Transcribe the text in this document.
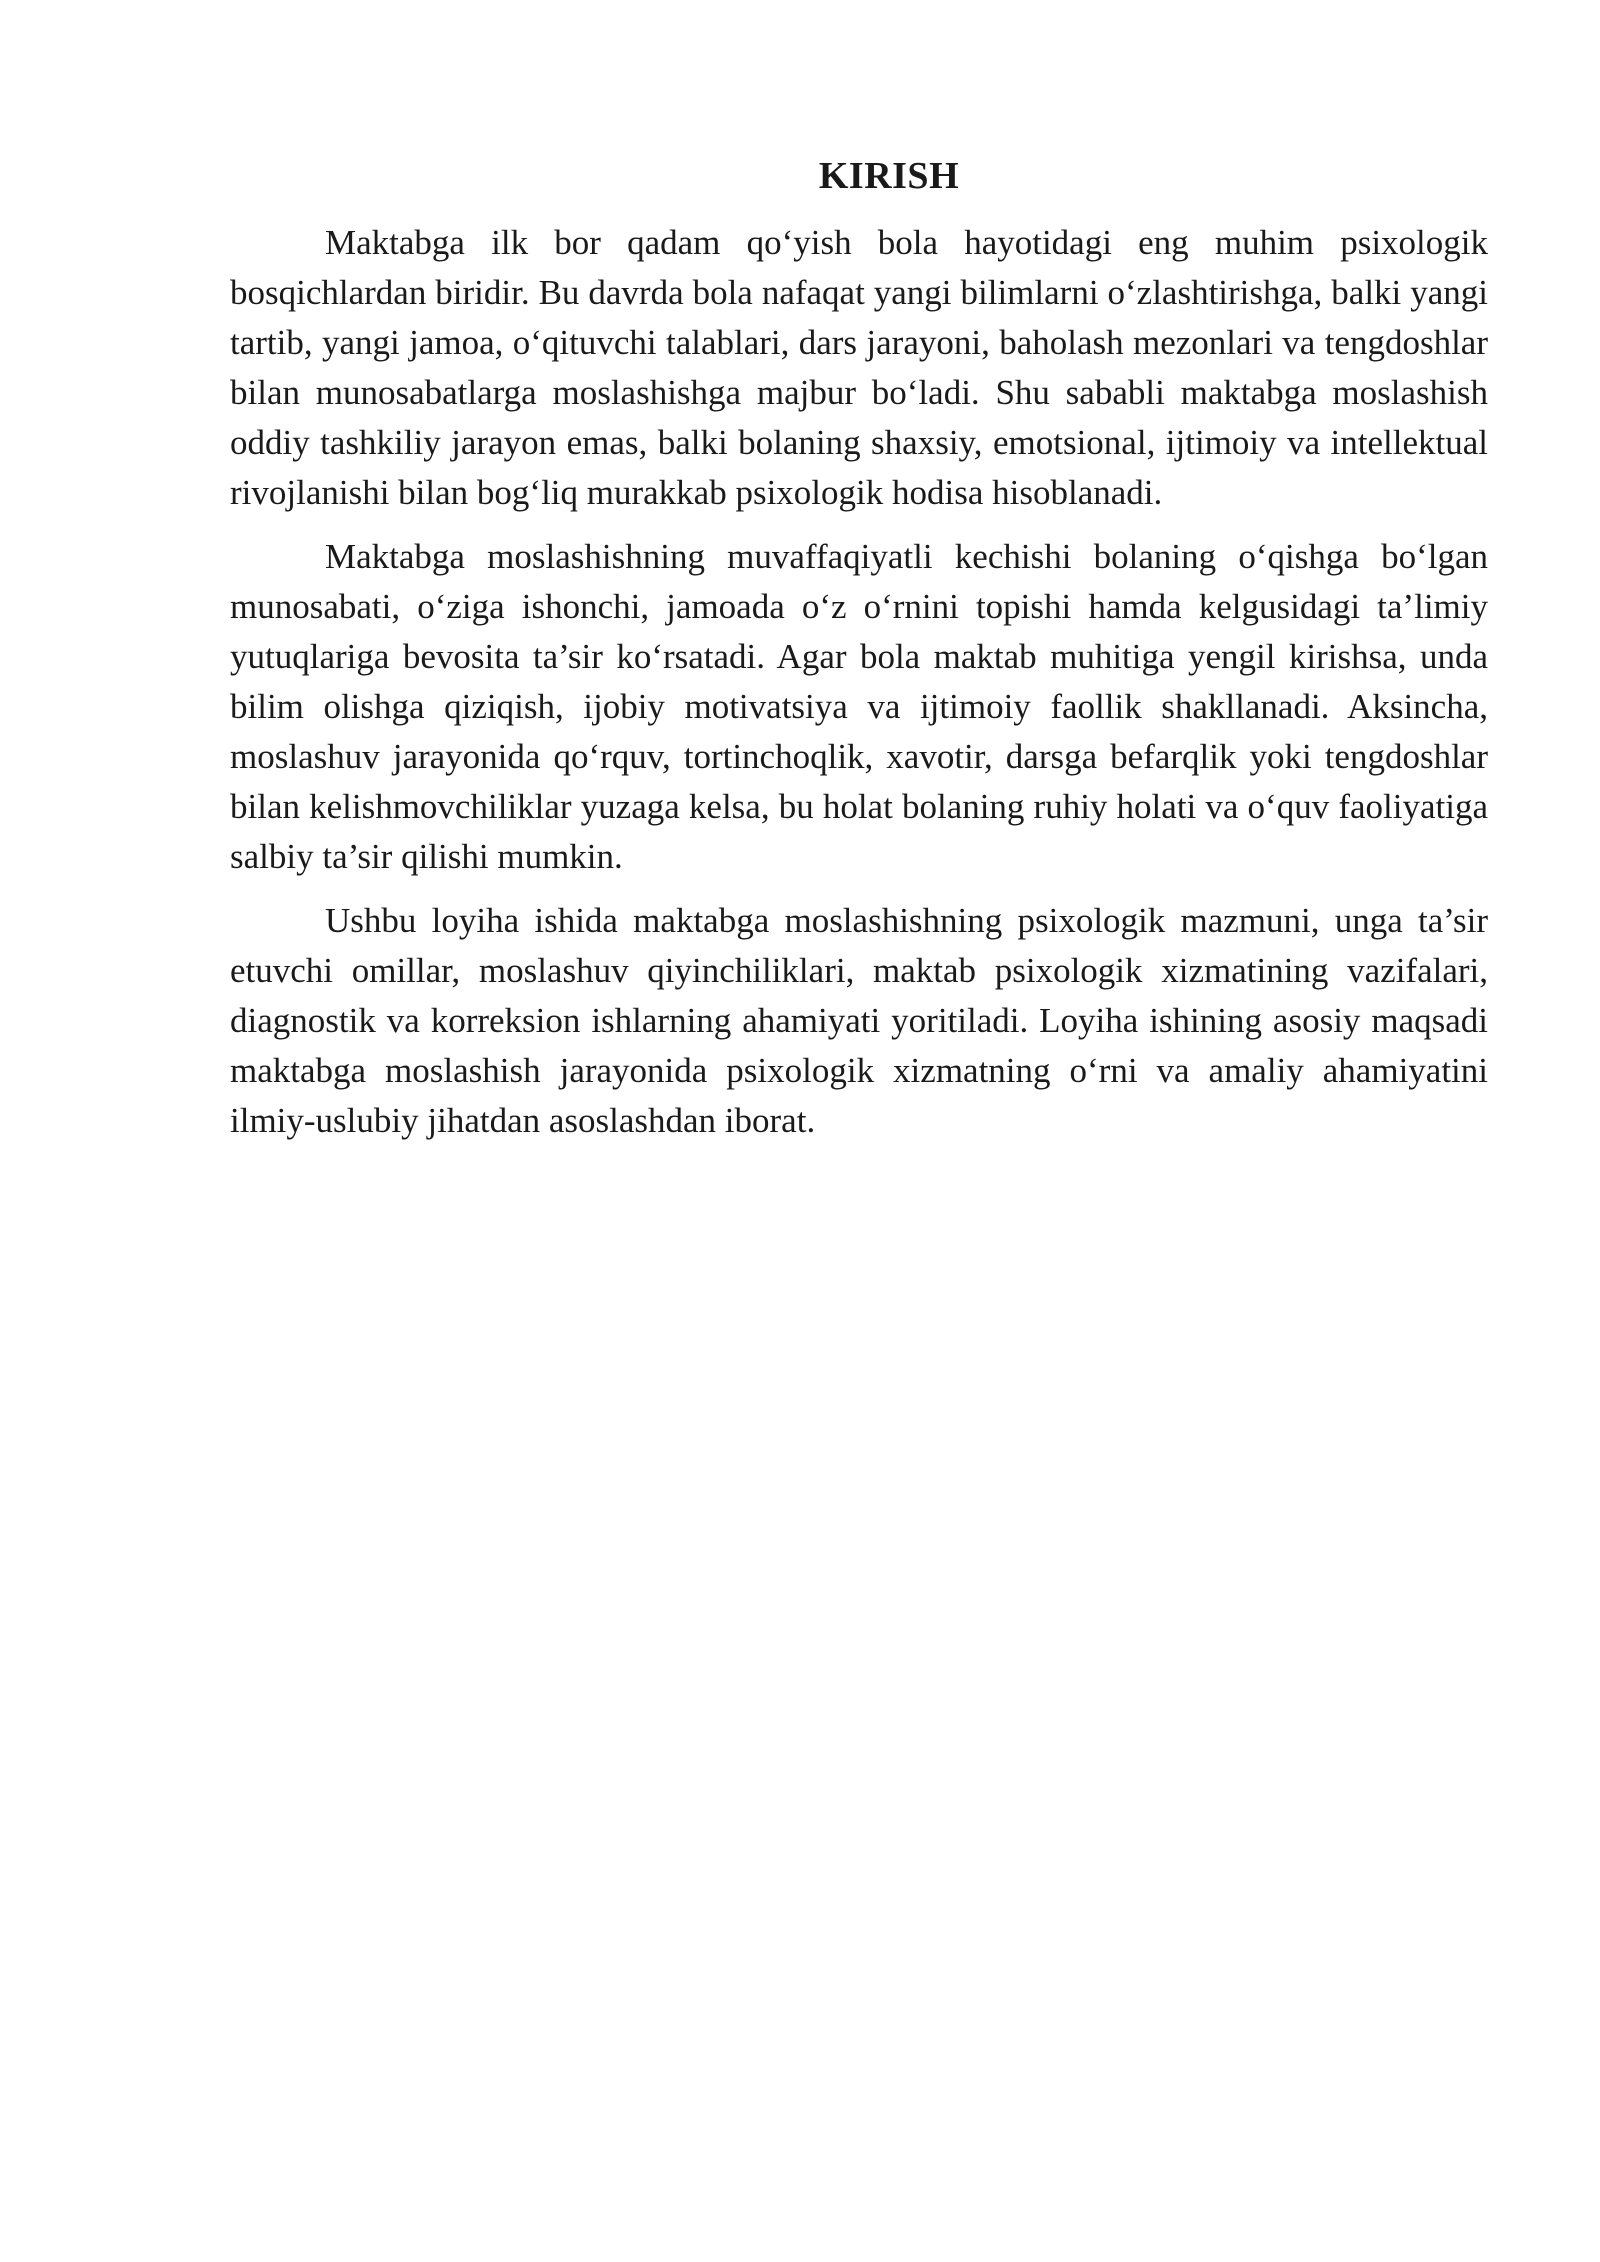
KIRISH

Maktabga ilk bor qadam qo‘yish bola hayotidagi eng muhim psixologik bosqichlardan biridir. Bu davrda bola nafaqat yangi bilimlarni o‘zlashtirishga, balki yangi tartib, yangi jamoa, o‘qituvchi talablari, dars jarayoni, baholash mezonlari va tengdoshlar bilan munosabatlarga moslashishga majbur bo‘ladi. Shu sababli maktabga moslashish oddiy tashkiliy jarayon emas, balki bolaning shaxsiy, emotsional, ijtimoiy va intellektual rivojlanishi bilan bog‘liq murakkab psixologik hodisa hisoblanadi.

Maktabga moslashishning muvaffaqiyatli kechishi bolaning o‘qishga bo‘lgan munosabati, o‘ziga ishonchi, jamoada o‘z o‘rnini topishi hamda kelgusidagi ta’limiy yutuqlariga bevosita ta’sir ko‘rsatadi. Agar bola maktab muhitiga yengil kirishsa, unda bilim olishga qiziqish, ijobiy motivatsiya va ijtimoiy faollik shakllanadi. Aksincha, moslashuv jarayonida qo‘rquv, tortinchoqlik, xavotir, darsga befarqlik yoki tengdoshlar bilan kelishmovchiliklar yuzaga kelsa, bu holat bolaning ruhiy holati va o‘quv faoliyatiga salbiy ta’sir qilishi mumkin.

Ushbu loyiha ishida maktabga moslashishning psixologik mazmuni, unga ta’sir etuvchi omillar, moslashuv qiyinchiliklari, maktab psixologik xizmatining vazifalari, diagnostik va korreksion ishlarning ahamiyati yoritiladi. Loyiha ishining asosiy maqsadi maktabga moslashish jarayonida psixologik xizmatning o‘rni va amaliy ahamiyatini ilmiy-uslubiy jihatdan asoslashdan iborat.
